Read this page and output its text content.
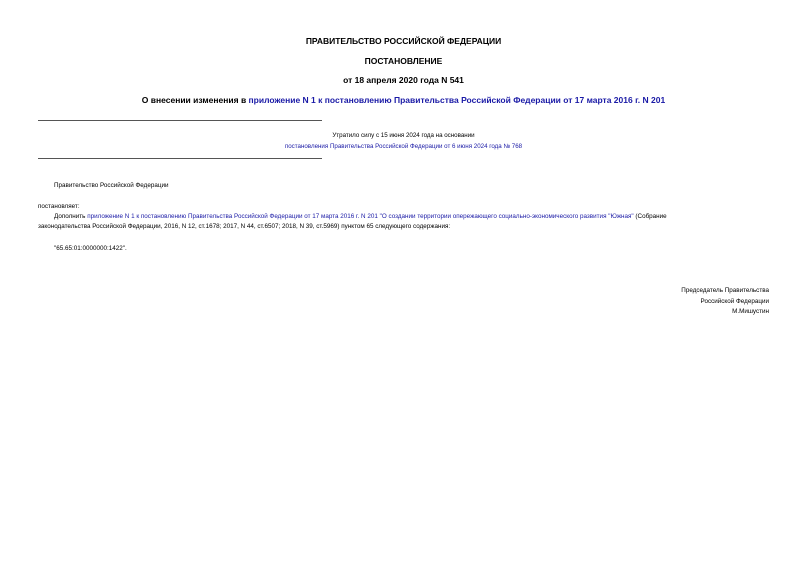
ПРАВИТЕЛЬСТВО РОССИЙСКОЙ ФЕДЕРАЦИИ
ПОСТАНОВЛЕНИЕ
от 18 апреля 2020 года N 541
О внесении изменения в приложение N 1 к постановлению Правительства Российской Федерации от 17 марта 2016 г. N 201
Утратило силу с 15 июня 2024 года на основании
постановления Правительства Российской Федерации от 6 июня 2024 года № 768
Правительство Российской Федерации
постановляет:
Дополнить приложение N 1 к постановлению Правительства Российской Федерации от 17 марта 2016 г. N 201 "О создании территории опережающего социально-экономического развития "Южная" (Собрание
законодательства Российской Федерации, 2016, N 12, ст.1678; 2017, N 44, ст.6507; 2018, N 39, ст.5969) пунктом 65 следующего содержания:
"65.65:01:0000000:1422".
Председатель Правительства
Российской Федерации
М.Мишустин
